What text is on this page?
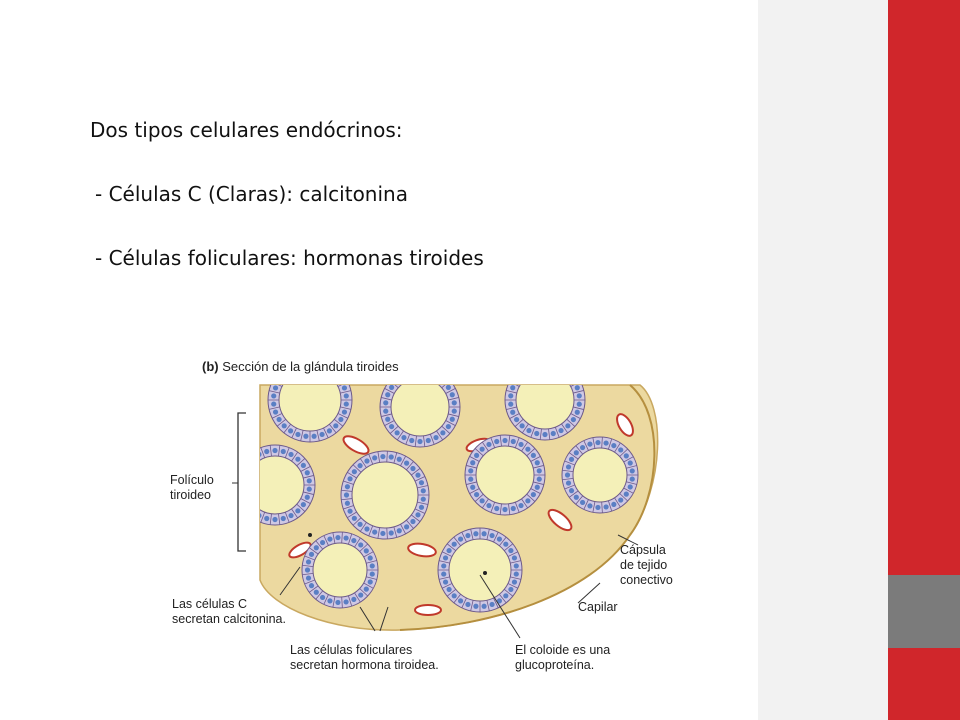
Dos tipos celulares endócrinos:
- Células C (Claras): calcitonina
- Células foliculares: hormonas tiroides
(b) Sección de la glándula tiroides
Folículo
tiroideo
Cápsula
de tejido
conectivo
Capilar
Las células C
secretan calcitonina.
Las células foliculares
secretan hormona tiroidea.
El coloide es una
glucoproteína.
